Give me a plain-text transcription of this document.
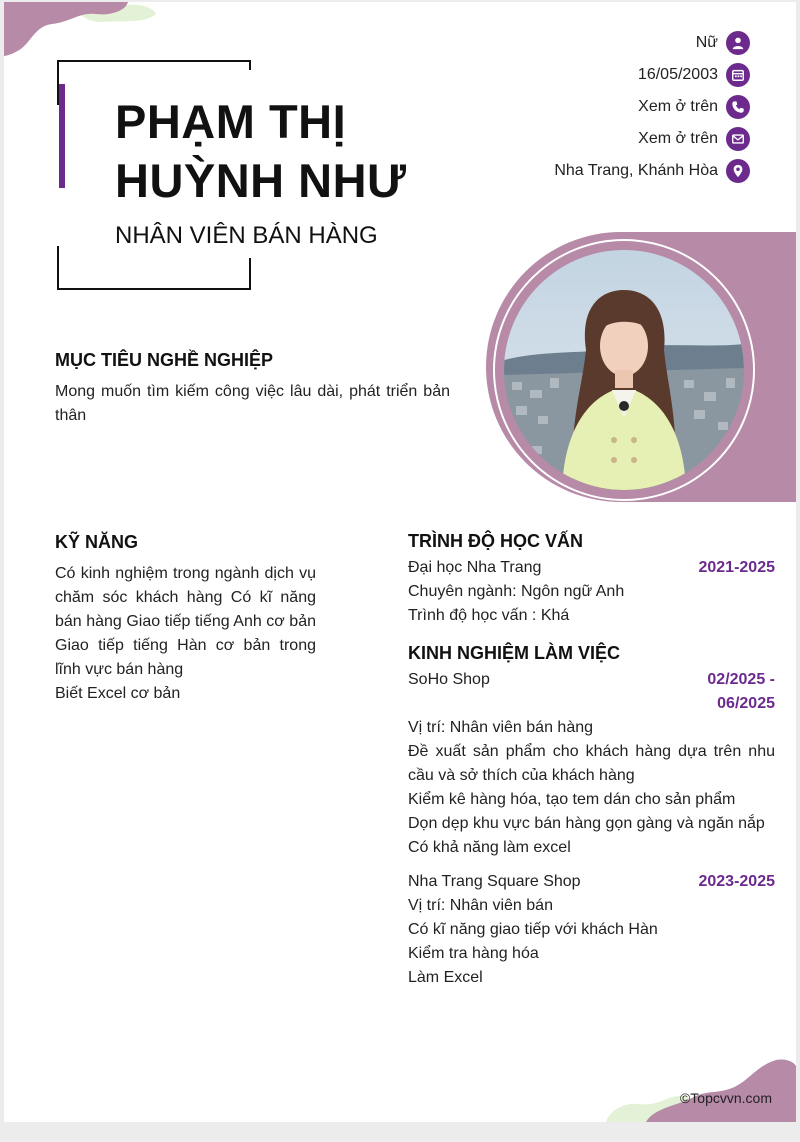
PHẠM THỊ
HUỲNH NHƯ
NHÂN VIÊN BÁN HÀNG
Nữ
16/05/2003
Xem ở trên
Xem ở trên
Nha Trang, Khánh Hòa
MỤC TIÊU NGHỀ NGHIỆP
Mong muốn tìm kiếm công việc lâu dài, phát triển bản thân
KỸ NĂNG
Có kinh nghiệm trong ngành dịch vụ chăm sóc khách hàng Có kĩ năng bán hàng Giao tiếp tiếng Anh cơ bản Giao tiếp tiếng Hàn cơ bản trong lĩnh vực bán hàng
Biết Excel cơ bản
TRÌNH ĐỘ HỌC VẤN
Đại học Nha Trang	2021-2025
Chuyên ngành: Ngôn ngữ Anh
Trình độ học vấn : Khá
KINH NGHIỆM LÀM VIỆC
SoHo Shop	02/2025 -
06/2025
Vị trí: Nhân viên bán hàng
Đề xuất sản phẩm cho khách hàng dựa trên nhu cầu và sở thích của khách hàng
Kiểm kê hàng hóa, tạo tem dán cho sản phẩm
Dọn dẹp khu vực bán hàng gọn gàng và ngăn nắp
Có khả năng làm excel
Nha Trang Square Shop	2023-2025
Vị trí: Nhân viên bán
Có kĩ năng giao tiếp với khách Hàn
Kiểm tra hàng hóa
Làm Excel
©Topcvvn.com
